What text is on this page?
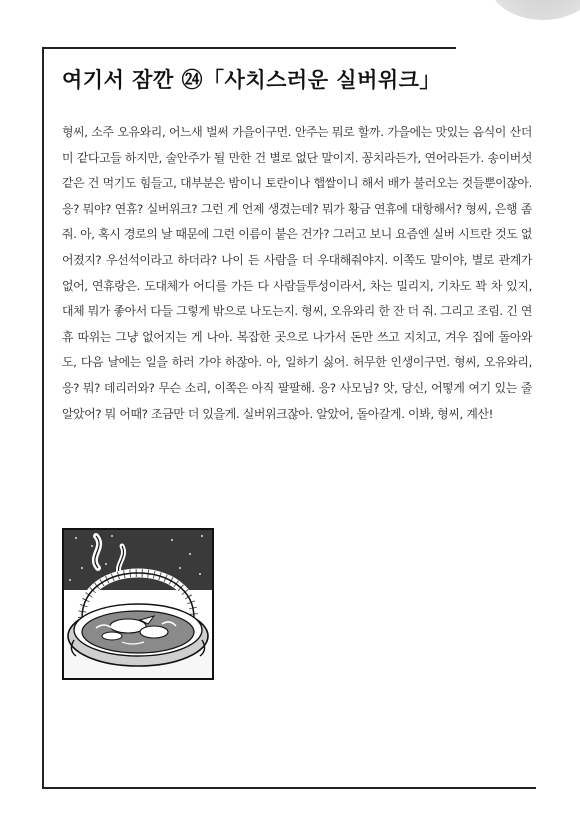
여기서 잠깐 ㉔「사치스러운 실버위크」

형씨, 소주 오유와리, 어느새 벌써 가을이구먼. 안주는 뭐로 할까. 가을에는 맛있는 음식이 산더미 같다고들 하지만, 술안주가 될 만한 건 별로 없단 말이지. 꽁치라든가, 연어라든가. 송이버섯 같은 건 먹기도 힘들고, 대부분은 밤이니 토란이나 햅쌀이니 해서 배가 불러오는 것들뿐이잖아. 응? 뭐야? 연휴? 실버위크? 그런 게 언제 생겼는데? 뭐가 황금 연휴에 대항해서? 형씨, 은행 좀 줘. 아, 혹시 경로의 날 때문에 그런 이름이 붙은 건가? 그러고 보니 요즘엔 실버 시트란 것도 없어졌지? 우선석이라고 하더라? 나이 든 사람을 더 우대해줘야지. 이쪽도 말이야, 별로 관계가 없어, 연휴랑은. 도대체가 어디를 가든 다 사람들투성이라서, 차는 밀리지, 기차도 꽉 차 있지, 대체 뭐가 좋아서 다들 그렇게 밖으로 나도는지. 형씨, 오유와리 한 잔 더 줘. 그리고 조림. 긴 연휴 따위는 그냥 없어지는 게 나아. 복잡한 곳으로 나가서 돈만 쓰고 지치고, 겨우 집에 돌아와도, 다음 날에는 일을 하러 가야 하잖아. 아, 일하기 싫어. 허무한 인생이구먼. 형씨, 오유와리, 응? 뭐? 데리러와? 무슨 소리, 이쪽은 아직 팔팔해. 응? 사모님? 앗, 당신, 어떻게 여기 있는 줄 알았어? 뭐 어때? 조금만 더 있을게. 실버위크잖아. 알았어, 돌아갈게. 이봐, 형씨, 계산!
